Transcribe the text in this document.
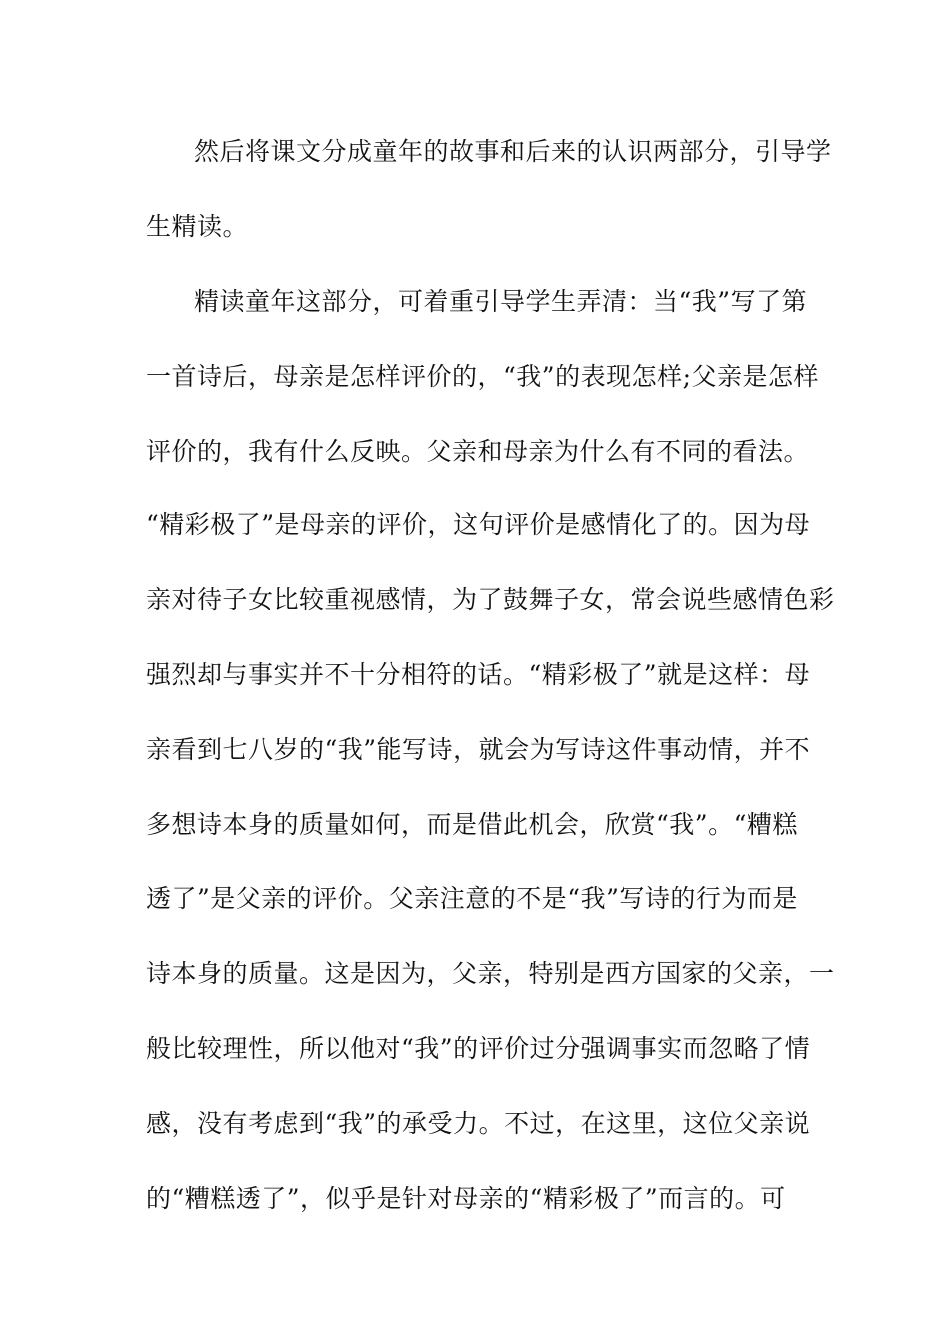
然后将课文分成童年的故事和后来的认识两部分，引导学

生精读。

精读童年这部分，可着重引导学生弄清：当“我”写了第

一首诗后，母亲是怎样评价的，“我”的表现怎样;父亲是怎样

评价的，我有什么反映。父亲和母亲为什么有不同的看法。

“精彩极了”是母亲的评价，这句评价是感情化了的。因为母

亲对待子女比较重视感情，为了鼓舞子女，常会说些感情色彩

强烈却与事实并不十分相符的话。“精彩极了”就是这样：母

亲看到七八岁的“我”能写诗，就会为写诗这件事动情，并不

多想诗本身的质量如何，而是借此机会，欣赏“我”。“糟糕

透了”是父亲的评价。父亲注意的不是“我”写诗的行为而是

诗本身的质量。这是因为，父亲，特别是西方国家的父亲，一

般比较理性，所以他对“我”的评价过分强调事实而忽略了情

感，没有考虑到“我”的承受力。不过，在这里，这位父亲说

的“糟糕透了”，似乎是针对母亲的“精彩极了”而言的。可
